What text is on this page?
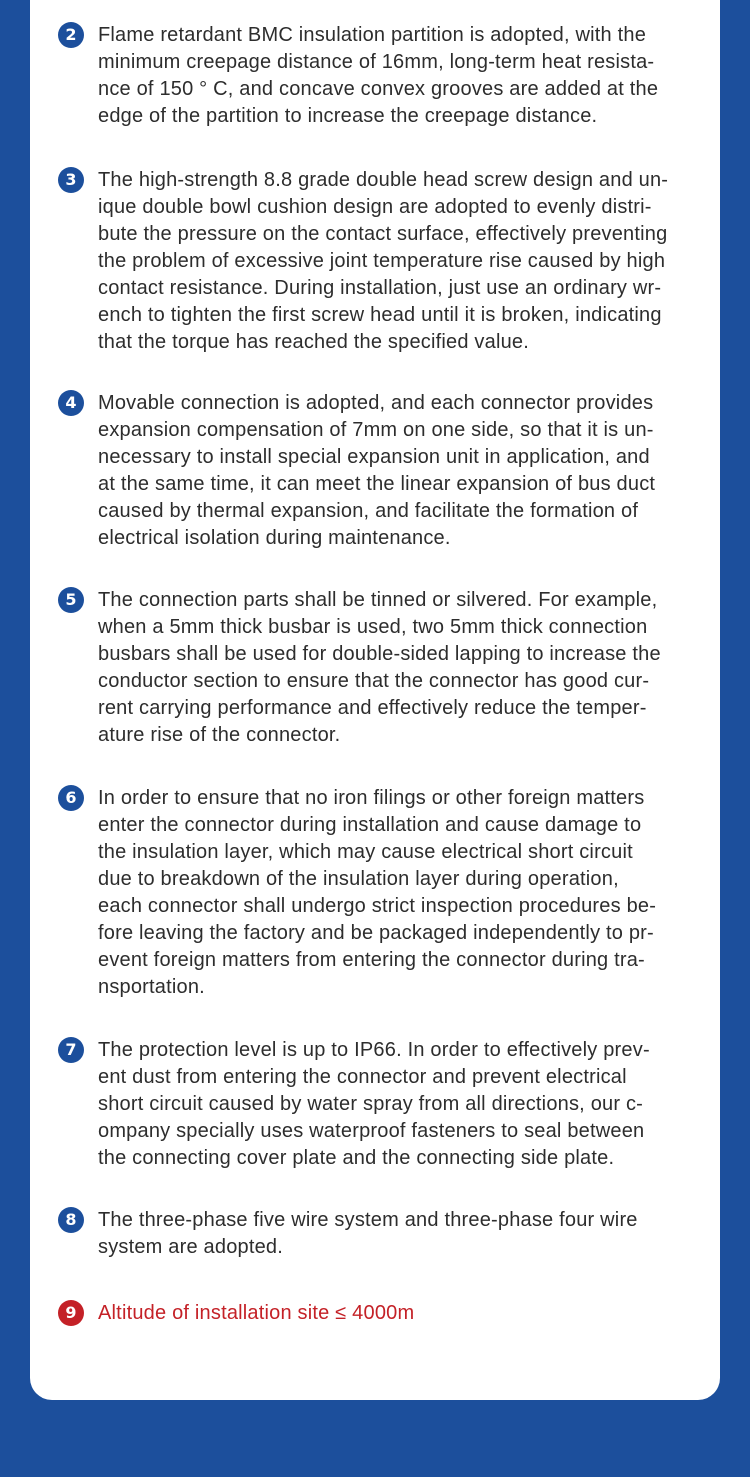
2	Flame retardant BMC insulation partition is adopted, with the
minimum creepage distance of 16mm, long-term heat resista-
nce of 150 ° C, and concave convex grooves are added at the
edge of the partition to increase the creepage distance.
3	The high-strength 8.8 grade double head screw design and un-
ique double bowl cushion design are adopted to evenly distri-
bute the pressure on the contact surface, effectively preventing
the problem of excessive joint temperature rise caused by high
contact resistance. During installation, just use an ordinary wr-
ench to tighten the first screw head until it is broken, indicating
that the torque has reached the specified value.
4	Movable connection is adopted, and each connector provides
expansion compensation of 7mm on one side, so that it is un-
necessary to install special expansion unit in application, and
at the same time, it can meet the linear expansion of bus duct
caused by thermal expansion, and facilitate the formation of
electrical isolation during maintenance.
5	The connection parts shall be tinned or silvered. For example,
when a 5mm thick busbar is used, two 5mm thick connection
busbars shall be used for double-sided lapping to increase the
conductor section to ensure that the connector has good cur-
rent carrying performance and effectively reduce the temper-
ature rise of the connector.
6	In order to ensure that no iron filings or other foreign matters
enter the connector during installation and cause damage to
the insulation layer, which may cause electrical short circuit
due to breakdown of the insulation layer during operation,
each connector shall undergo strict inspection procedures be-
fore leaving the factory and be packaged independently to pr-
event foreign matters from entering the connector during tra-
nsportation.
7	The protection level is up to IP66. In order to effectively prev-
ent dust from entering the connector and prevent electrical
short circuit caused by water spray from all directions, our c-
ompany specially uses waterproof fasteners to seal between
the connecting cover plate and the connecting side plate.
8	The three-phase five wire system and three-phase four wire
system are adopted.
9	Altitude of installation site ≤ 4000m
